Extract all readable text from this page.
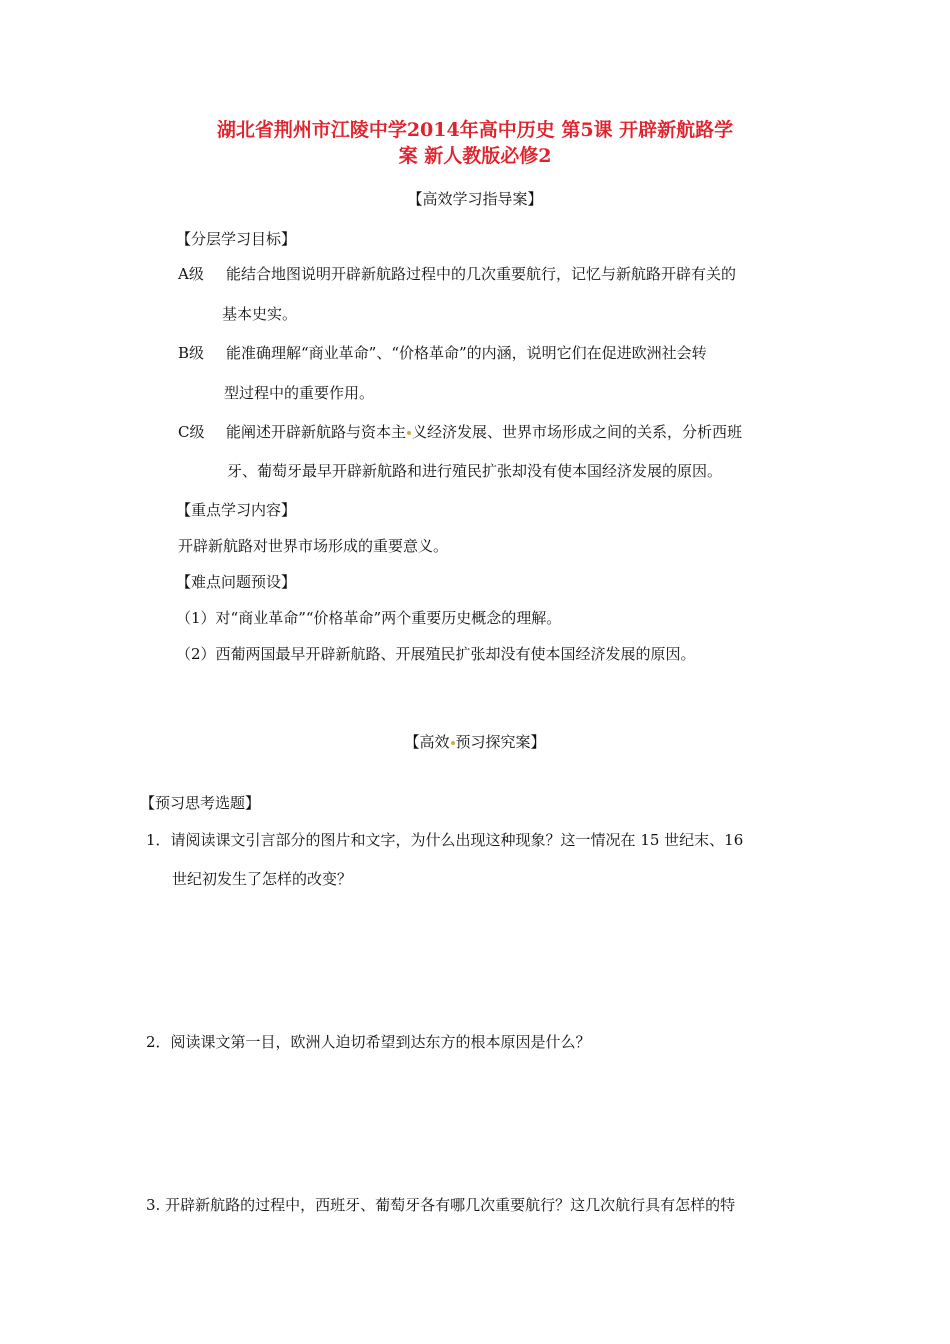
湖北省荆州市江陵中学2014年高中历史 第5课 开辟新航路学
案 新人教版必修2
【高效学习指导案】
【分层学习目标】
A级 能结合地图说明开辟新航路过程中的几次重要航行，记忆与新航路开辟有关的
基本史实。
B级 能准确理解“商业革命”、“价格革命”的内涵，说明它们在促进欧洲社会转
型过程中的重要作用。
C级 能阐述开辟新航路与资本主 义经济发展、世界市场形成之间的关系，分析西班
牙、葡萄牙最早开辟新航路和进行殖民扩张却没有使本国经济发展的原因。
【重点学习内容】
开辟新航路对世界市场形成的重要意义。
【难点问题预设】
（1）对“商业革命”“价格革命”两个重要历史概念的理解。
（2）西葡两国最早开辟新航路、开展殖民扩张却没有使本国经济发展的原因。
【高效 预习探究案】
【预习思考选题】
1．请阅读课文引言部分的图片和文字，为什么出现这种现象？这一情况在 15 世纪末、16
世纪初发生了怎样的改变？
2．阅读课文第一目，欧洲人迫切希望到达东方的根本原因是什么？
3. 开辟新航路的过程中，西班牙、葡萄牙各有哪几次重要航行？这几次航行具有怎样的特
